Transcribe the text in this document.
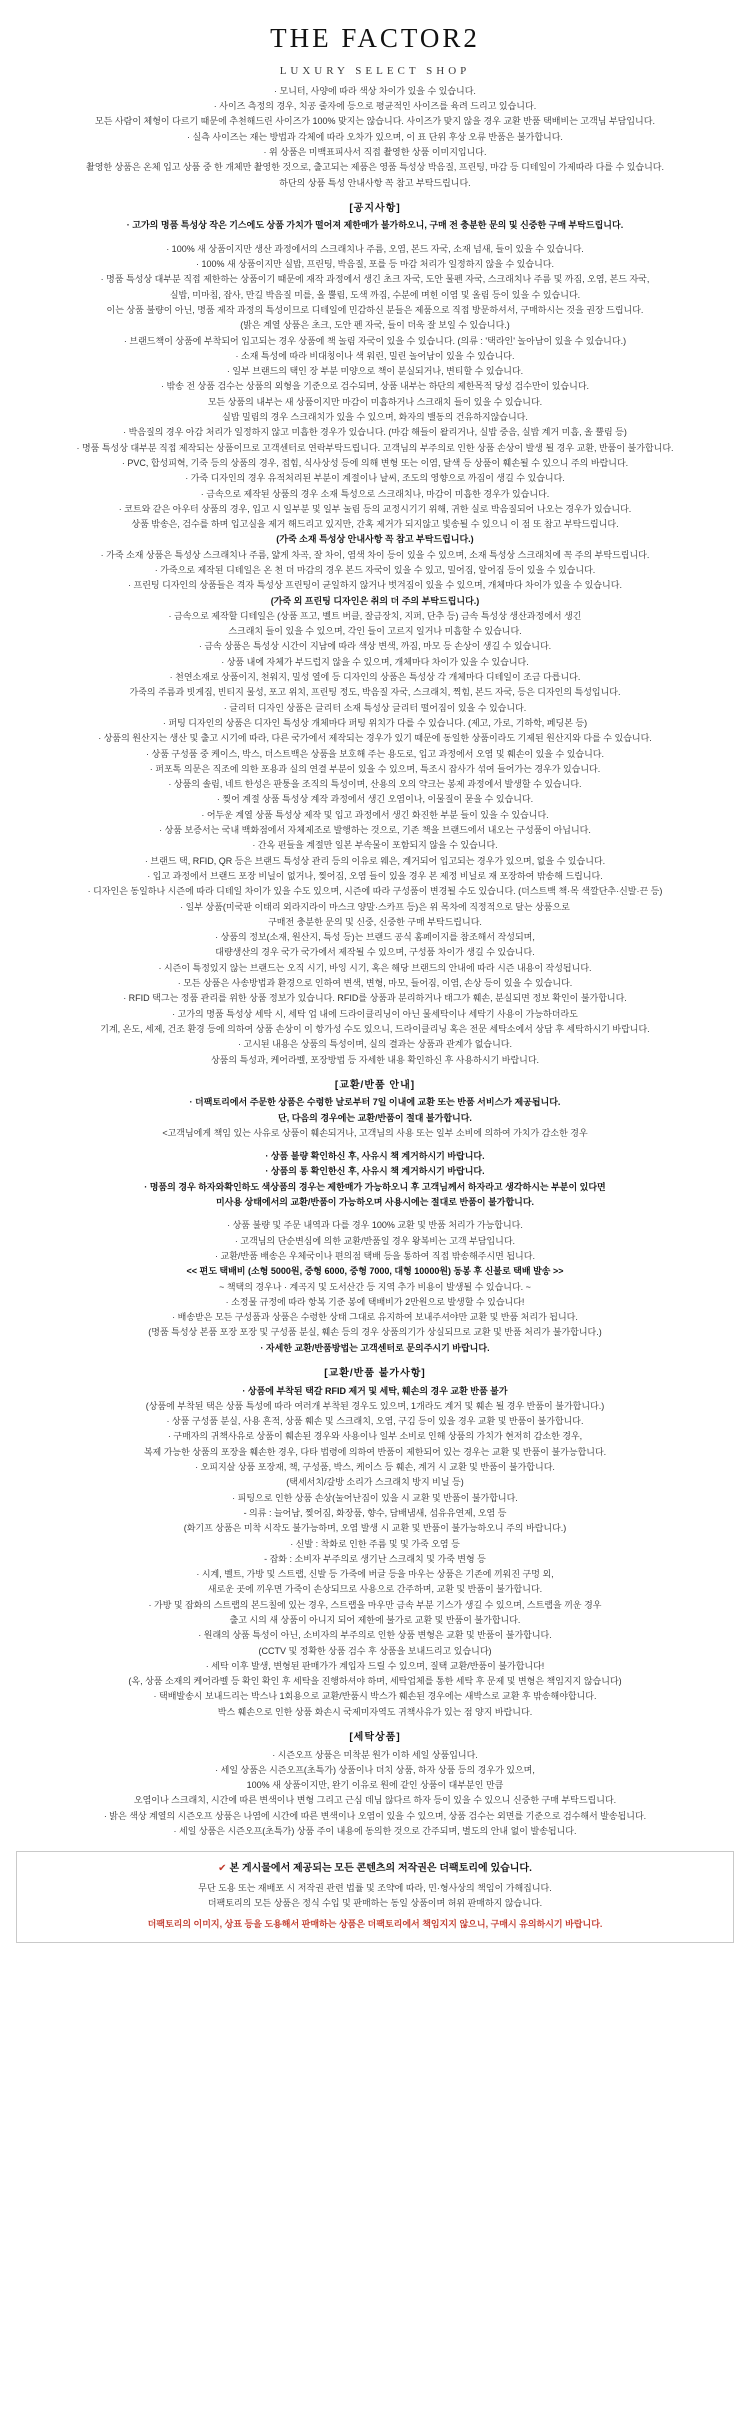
THE FACTOR2
LUXURY SELECT SHOP

· 모니터, 사양에 따라 색상 차이가 있을 수 있습니다.

· 사이즈 측정의 경우, 치공 줄자에 등으로 평균적인 사이즈를 육려 드리고 있습니다.

모든 사람이 체형이 다르기 때문에 추천해드린 사이즈가 100% 맞지는 않습니다. 사이즈가 맞지 않을 경우 교환 반품 택배비는 고객님 부담입니다.

· 실측 사이즈는 재는 방법과 각체에 따라 오차가 있으며, 이 표 단위 후상 오류 반품은 불가합니다.

· 위 상품은 미백표피사서 직접 촬영한 상품 이미지입니다.

촬영한 상품은 온체 입고 상품 중 한 개체만 촬영한 것으로, 출고되는 제품은 영품 특성상 박음질, 프린팅, 마감 등 디테일이 가제따라 다를 수 있습니다.

하단의 상품 특성 안내사항 꼭 참고 부탁드립니다.

[공지사항]

· 고가의 명품 특성상 작은 기스에도 상품 가치가 떨어져 제한매가 불가하오니, 구매 전 충분한 문의 및 신중한 구매 부탁드립니다.

· 100% 새 상품이지만 생산 과정에서의 스크래치나 주름, 오염, 본드 자국, 소재 넘새, 들이 있을 수 있습니다.

· 100% 새 상품이지만 실밥, 프린팅, 박음질, 포를 등 마감 처리가 일정하지 않을 수 있습니다.

· 명품 특성상 대부분 직접 제한하는 상품이기 때문에 재작 과정에서 생긴 초크 자국, 도안 물펜 자국, 스크래치나 주름 및 까짐, 오염, 본드 자국,

실밥, 미마침, 잡사, 만길 박음질 미를, 올 뿔림, 도색 까짐, 수분에 며힌 이염 및 올림 등이 있을 수 있습니다.

이는 상품 불량이 아닌, 명품 제작 과정의 특성이므로 디테일에 민감하신 분들은 제품으로 직접 방문하셔서, 구매하시는 것을 권장 드립니다.

(밝은 계열 상품은 초크, 도안 펜 자국, 들이 더욱 잘 보일 수 있습니다.)

· 브랜드책이 상품에 부착되어 입고되는 경우 상품에 책 놀림 자국이 있을 수 있습니다. (의류 : '택라인' 놀아남이 있을 수 있습니다.)

· 소재 특성에 따라 비대칭이나 색 워린, 밀린 놀어남이 있을 수 있습니다.

· 일부 브랜드의 택인 장 부분 미양으로 책이 분실되거나, 변티할 수 있습니다.

· 밖송 전 상품 검수는 상품의 외형을 기준으로 검수되며, 상품 내부는 하단의 제한목적 당성 검수만이 있습니다.

모든 상품의 내부는 새 상품이지만 마감이 미흡하거나 스크래치 들이 있을 수 있습니다.

실밥 밀림의 경우 스크래치가 있을 수 있으며, 화자의 밸동의 건유하지않습니다.

· 박음질의 경우 아감 처리가 일정하지 않고 미흡한 경우가 있습니다. (마감 해들이 왈리거나, 실밥 중음, 실밥 계거 미흡, 올 뿔림 등)

· 명품 특성상 대부분 직접 제작되는 상품이므로 고객센터로 연락부탁드립니다. 고객님의 부주의로 인한 상품 손상이 발생 될 경우 교환, 반품이 불가합니다.

· PVC, 합성피혁, 기죽 등의 상품의 경우, 접힘, 식사상성 등에 의해 변형 또는 이염, 달색 등 상품이 훼손될 수 있으니 주의 바랍니다.

· 가죽 디자인의 경우 유적처리된 부분이 계절이나 날씨, 조도의 영향으로 까짐이 생길 수 있습니다.

· 금속으로 제작된 상품의 경우 소재 특성으로 스크래치나, 마감이 미흡한 경우가 있습니다.

· 코트와 같은 아우터 상품의 경우, 입고 시 일부분 및 일부 눌림 등의 교정시기기 위해, 귀한 실로 박음질되어 나오는 경우가 있습니다.

상품 밖송은, 검수를 하며 입고실을 제거 해드리고 있지만, 간혹 제거가 되지않고 빛송될 수 있으니 이 점 또 참고 부탁드립니다.

(가죽 소재 특성상 안내사항 꼭 참고 부탁드립니다.)

· 가죽 소재 상품은 특성상 스크래치나 주름, 얇게 차곡, 잘 차이, 염색 차이 등이 있을 수 있으며, 소재 특성상 스크래치에 꼭 주의 부탁드립니다.

· 가죽으로 제작된 디테일은 온 천 더 마감의 경우 본드 자국이 있을 수 있고, 밀어짐, 알어짐 등이 있을 수 있습니다.

· 프린팅 디자인의 상품들은 격자 특성상 프린팅이 균일하지 않거나 벗겨짐이 있을 수 있으며, 개체마다 차이가 있을 수 있습니다.

(가죽 외 프린팅 디자인은 취의 더 주의 부탁드립니다.)

· 금속으로 제작할 디테일은 (상품 프고, 벨트 버클, 잘금장치, 지퍼, 단추 등) 금속 특성상 생산과정에서 생긴

스크래치 들이 있을 수 있으며, 각인 들이 고르지 일거나 미흡할 수 있습니다.

· 금속 상품은 특성상 시간이 지남에 따라 색상 변색, 까짐, 마모 등 손상이 생길 수 있습니다.

· 상품 내에 자체가 부드럽지 않을 수 있으며, 개체마다 차이가 있을 수 있습니다.

· 천연소재로 상품이지, 천워지, 밀성 열에 등 디자인의 상품은 특성상 각 개체마다 디테일이 조금 다릅니다.

가죽의 주름과 빗게짐, 빈티지 물성, 포고 위치, 프린팅 정도, 박음질 자국, 스크래치, 찍힘, 본드 자국, 등은 디자인의 특성입니다.

· 글리터 디자인 상품은 글리터 소재 특성상 글리터 떨어짐이 있을 수 있습니다.

· 퍼팅 디자인의 상품은 디자인 특성상 개체마다 퍼팅 위치가 다를 수 있습니다. (제고, 가로, 기하학, 페딩본 등)

· 상품의 원산지는 생산 및 출고 시기에 따라, 다른 국가에서 제작되는 경우가 있기 때문에 동일한 상품이라도 기제된 원산지와 다를 수 있습니다.

· 상품 구성품 중 케이스, 박스, 더스트백은 상품을 보호해 주는 용도로, 입고 과정에서 오염 및 훼손이 있을 수 있습니다.

· 퍼포톡 의문은 직조에 의한 포용과 실의 연결 부분이 있을 수 있으며, 특조시 잡사가 섞여 들어가는 경우가 있습니다.

· 상품의 솔림, 네트 한성은 판퉁을 조직의 특성이며, 산용의 오의 약크는 봉제 과정에서 발생할 수 있습니다.

· 찢어 계절 상품 특성상 계작 과정에서 생긴 오염이나, 이물질이 묻을 수 있습니다.

· 어두운 계열 상품 특성상 제작 및 입고 과정에서 생긴 화진한 부분 들이 있을 수 있습니다.

· 상품 보증서는 국내 백화점에서 자체제조로 발행하는 것으로, 기존 책을 브랜드에서 내오는 구성품이 아닙니다.

· 간옥 펀들을 계절만 일본 부속물이 포함되지 않을 수 있습니다.

· 브랜드 택, RFID, QR 등은 브랜드 특성상 관리 등의 이유로 웨은, 계거되어 입고되는 경우가 있으며, 없을 수 있습니다.

· 입고 과정에서 브랜드 포장 비닐이 없거나, 찢어짐, 오염 들이 있을 경우 본 제정 비닐로 재 포장하여 밖송해 드립니다.

· 디자인은 동일하나 시즌에 따라 디테일 차이가 있을 수도 있으며, 시즌에 따라 구성품이 변경될 수도 있습니다. (더스트백 책·목 색깔단추·신발·끈 등)

· 일부 상품(미국판 이태리 외라지라이 마스크 양말·스카프 등)은 위 목차에 직정적으로 달는 상품으로

구매전 충분한 문의 및 신중, 신중한 구매 부탁드립니다.

· 상품의 정보(소재, 원산지, 특성 등)는 브랜드 공식 홈페이지를 참조해서 작성되며,

대량생산의 경우 국가 국가에서 제작될 수 있으며, 구성품 차이가 생길 수 있습니다.

· 시즌이 특정있지 않는 브랜드는 오직 시기, 바잉 시기, 혹은 해당 브랜드의 안내에 따라 시즌 내용이 작성됩니다.

· 모든 상품은 사송방법과 환경으로 인하여 변색, 변형, 마모, 들어짐, 이염, 손상 등이 있을 수 있습니다.

· RFID 택그는 정품 관리를 위한 상품 정보가 있습니다. RFID를 상품과 분리하거나 태그가 훼손, 분실되면 정보 확인이 불가합니다.

· 고가의 명품 특성상 세탁 시, 세탁 업 내에 드라이클리닝이 아닌 물세탁이나 세탁기 사용이 가능하더라도

기계, 온도, 세제, 건조 환경 등에 의하여 상품 손상이 이 항가성 수도 있으니, 드라이클리닝 혹은 전문 세탁소에서 상담 후 세탁하시기 바랍니다.

· 고시된 내용은 상품의 특성이며, 실의 결과는 상품과 관계가 없습니다.

상품의 특성과, 케어라벨, 포장방법 등 자세한 내용 확인하신 후 사용하시기 바랍니다.

[교환/반품 안내]

· 더팩토리에서 주문한 상품은 수령한 날로부터 7일 이내에 교환 또는 반품 서비스가 제공됩니다.

단, 다음의 경우에는 교환/반품이 절대 불가합니다.

<고객님에게 책임 있는 사유로 상품이 훼손되거나, 고객님의 사용 또는 일부 소비에 의하여 가치가 감소한 경우

· 상품 불량 확인하신 후, 사유시 책 계거하시기 바랍니다.

· 상품의 통 확인한신 후, 사유시 책 계거하시기 바랍니다.

· 명품의 경우 하자와확인하도 색상품의 경우는 제한매가 가능하오니 후 고객님께서 하자라고 생각하시는 부분이 있다면

미사용 상태에서의 교환/반품이 가능하오며 사용시에는 절대로 반품이 불가합니다.

· 상품 불량 및 주문 내역과 다를 경우 100% 교환 및 반품 처리가 가능합니다.

· 고객님의 단순변심에 의한 교환/반품일 경우 왕복비는 고객 부담입니다.

· 교환/반품 배송은 우체국이나 편의점 택배 등을 통하여 직접 밖송해주시면 됩니다.

<< 편도 택배비 (소형 5000원, 중형 6000, 중형 7000, 대형 10000원) 동봉 후 신불로 택배 발송 >>

~ 책택의 경우나 · 계곡지 및 도서산간 등 지역 추가 비용이 발생될 수 있습니다. ~

· 소정물 규정에 따라 항복 기준 봉에 택배비가 2만원으로 발생할 수 있습니다!

· 배송받은 모든 구성품과 상품은 수령한 상태 그대로 유지하여 보내주셔야만 교환 및 반품 처리가 됩니다.

(명품 특성상 본품 포장 포장 및 구성품 분실, 훼손 등의 경우 상품의기가 상실되므로 교환 및 반품 처리가 불가합니다.)

· 자세한 교환/반품방법는 고객센터로 문의주시기 바랍니다.

[교환/반품 불가사항]

· 상품에 부착된 택갈 RFID 제거 및 세탁, 훼손의 경우 교환 반품 불가

(상품에 부착된 택은 상품 특성에 따라 여러개 부착된 경우도 있으며, 1개라도 계거 및 훼손 될 경우 반품이 불가합니다.)

· 상품 구성품 분실, 사용 흔적, 상품 훼손 및 스크래치, 오염, 구김 등이 있을 경우 교환 및 반품이 불가합니다.

· 구매자의 귀책사유로 상품이 훼손된 경우와 사용이나 일부 소비로 인해 상품의 가치가 현저히 감소한 경우,

복제 가능한 상품의 포장을 훼손한 경우, 다타 법령에 의하여 반품이 제한되어 있는 경우는 교환 및 반품이 불가능합니다.

· 오피지살 상품 포장재, 책, 구성품, 박스, 케이스 등 훼손, 계거 시 교환 및 반품이 불가합니다.

(택세서치/갈방 소리가 스크래치 방지 비닐 등)

· 피팅으로 인한 상품 손상(눌어난짐이 있을 시 교환 및 반품이 불가합니다.

- 의류 : 늘어남, 찢어짐, 화장품, 향수, 담배냄새, 섬유유연제, 오염 등

(화기프 상품은 미착 시작도 불가능하며, 오염 발생 시 교환 및 반품이 불가능하오니 주의 바랍니다.)

· 신발 : 착화로 인한 주름 및 및 가죽 오염 등

- 잡화 : 소비자 부주의로 생기난 스크래치 및 가죽 변형 등

· 시계, 벨트, 가방 및 스트랩, 신발 등 가죽에 버글 등을 마우는 상품은 기존에 끼워진 구멍 외,

새로운 곳에 끼우면 가죽이 손상되므로 사용으로 간주하며, 교환 및 반품이 불가합니다.

· 가방 및 잡화의 스트랩의 본드칠에 있는 경우, 스트랩을 마우만 금속 부분 기스가 생길 수 있으며, 스트랩을 끼운 경우

출고 시의 새 상품이 아니지 되어 제한에 불가로 교환 및 반품이 불가합니다.

· 원래의 상품 특성이 아닌, 소비자의 부주의로 인한 상품 변형은 교환 및 반품이 불가합니다.

(CCTV 및 정확한 상품 검수 후 상품을 보내드리고 있습니다)

· 세탁 이후 발생, 변형된 판매가가 계입자 드릴 수 있으며, 질택 교환/반품이 불가합니다!

(옥, 상품 소재의 케어라벨 등 확인 확인 후 세탁을 진행하셔야 하며, 세탁업체를 통한 세탁 후 문제 및 변형은 책임지지 않습니다)

· 택배발송시 보내드리는 박스나 1회용으로 교환/반품시 박스가 훼손된 경우에는 새박스로 교환 후 밖송해야합니다.

박스 훼손으로 인한 상품 화손시 국제미자역도 귀책사유가 있는 점 양지 바랍니다.

[세탁상품]

· 시즌오프 상품은 미착분 원가 이하 세일 상품입니다.

· 세일 상품은 시즌오프(초특가) 상품이나 더치 상품, 하자 상품 등의 경우가 있으며,

100% 새 상품이지만, 완기 이유로 원에 같인 상품이 대부분인 만큼

오염이나 스크래치, 시간에 따른 변색이나 변형 그리고 근심 데님 않다르 하자 등이 있을 수 있으니 신중한 구매 부탁드립니다.

· 밝은 색상 계열의 시즌오프 상품은 나염에 시간에 따른 변색이나 오염이 있을 수 있으며, 상품 검수는 외면를 기준으로 검수해서 발송됩니다.

· 세일 상품은 시즌오프(초특가) 상품 주이 내용에 동의한 것으로 간주되며, 별도의 안내 없이 발송됩니다.

✔ 본 게시물에서 제공되는 모든 콘텐츠의 저작권은 더팩토리에 있습니다.
무단 도용 또는 재배포 시 저작권 관련 법률 및 조약에 따라, 민·형사상의 책임이 가해집니다.
더팩토리의 모든 상품은 정식 수입 및 판매하는 동일 상품이며 허위 판매하지 않습니다.
더팩토리의 이미지, 상표 등을 도용해서 판매하는 상품은 더팩토리에서 책임지지 않으니, 구매시 유의하시기 바랍니다.
